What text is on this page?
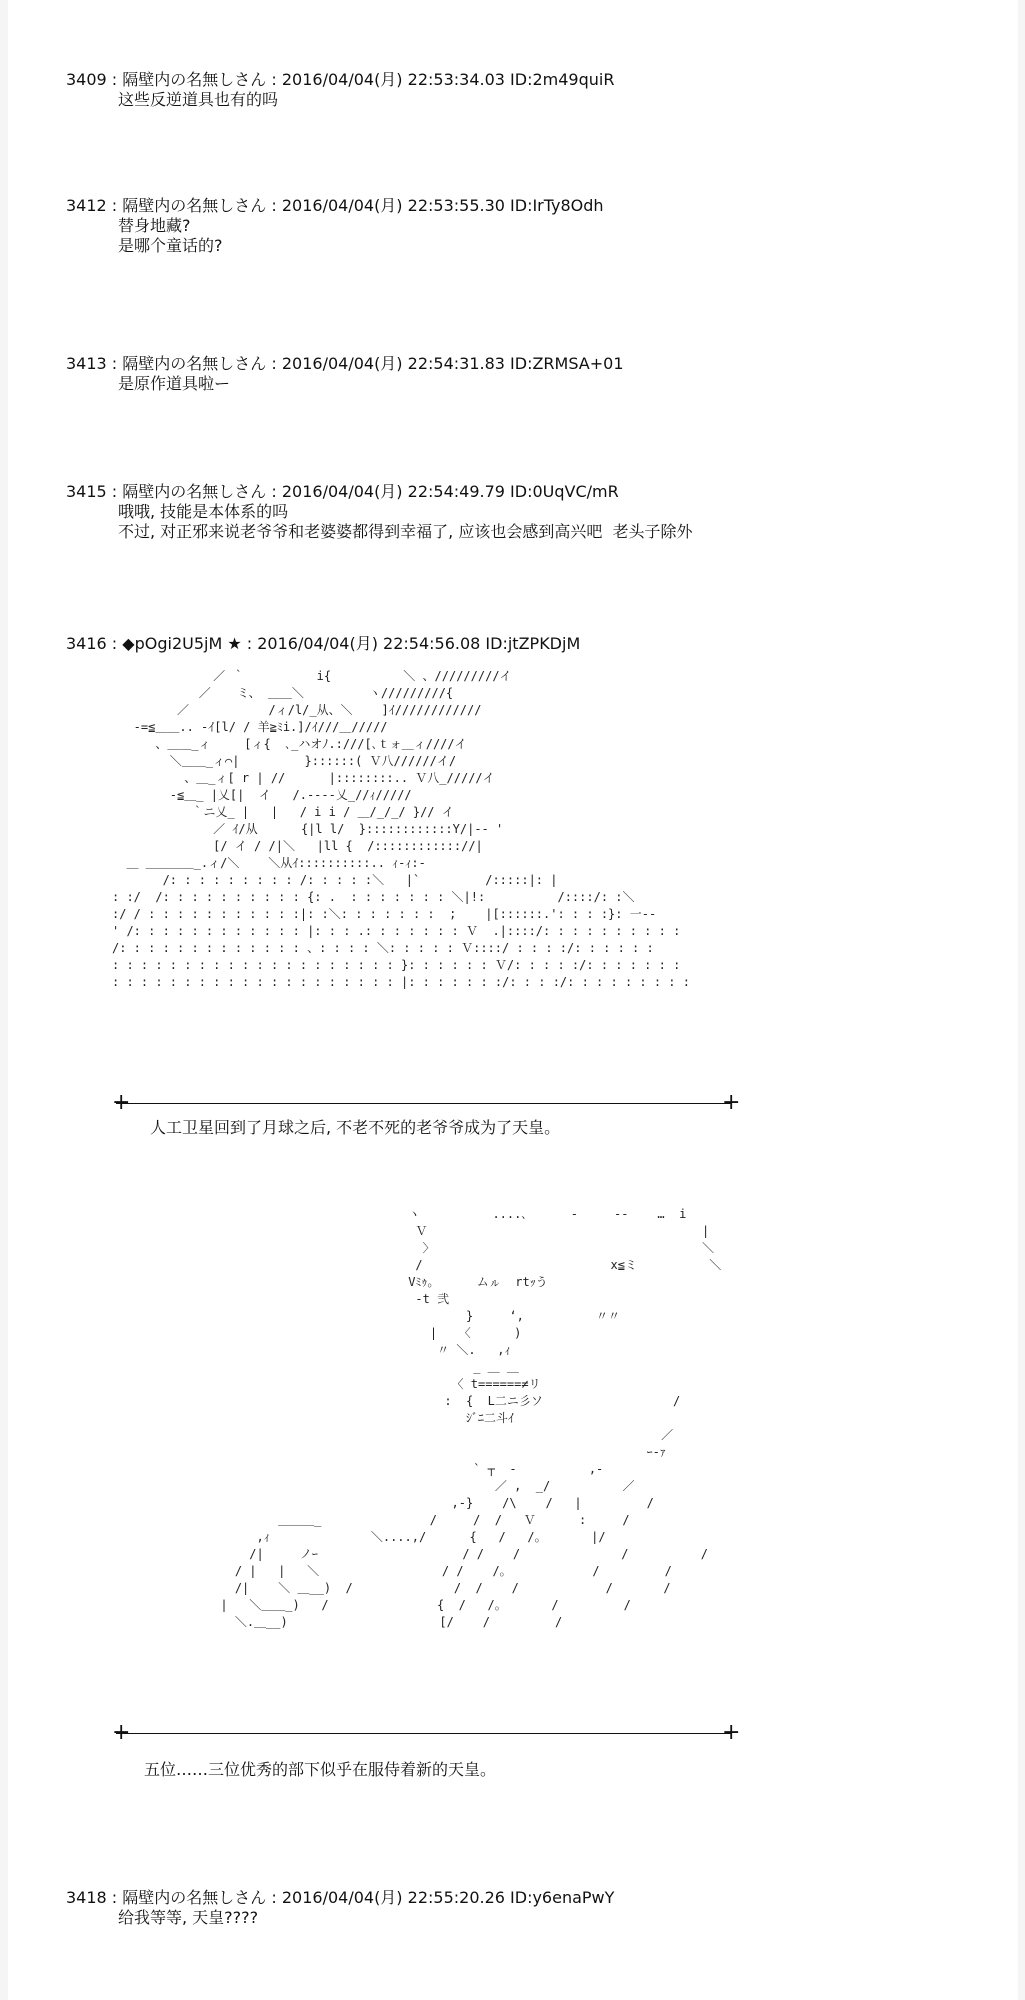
3409 : 隔壁内の名無しさん : 2016/04/04(月) 22:53:34.03 ID:2m49quiR
这些反逆道具也有的吗
3412 : 隔壁内の名無しさん : 2016/04/04(月) 22:53:55.30 ID:IrTy8Odh
替身地藏?
是哪个童话的?
3413 : 隔壁内の名無しさん : 2016/04/04(月) 22:54:31.83 ID:ZRMSA+01
是原作道具啦ー
3415 : 隔壁内の名無しさん : 2016/04/04(月) 22:54:49.79 ID:0UqVC/mR
哦哦, 技能是本体系的吗
不过, 对正邪来说老爷爷和老婆婆都得到幸福了, 应该也会感到高兴吧  老头子除外
3416 : ◆pOgi2U5jM ★ : 2016/04/04(月) 22:54:56.08 ID:jtZPKDjM
／ ｀          i{          ＼ 、/////////イ
／ 　 ミ、 ＿＿＼         ヽ/////////{
／           /ィ/l/_从、＼    ]ｲ////////////
‐=≦＿＿.. -ｲ[l/ / 羊≧ﾐi.]/ｲ///＿/////
、＿＿_ィ  　 [ィ{  ､_ハオﾉ.:///[､ｔォ＿ィ////イ
＼＿＿_ィ⌒|         }::::::( Ｖ八//////イ/
、＿_ィ[ r | //      |::::::::.. Ｖ八_/////イ
‐≦＿_ |乂[|  イ   /.----乂_//ｨ/////
｀ニ乂_ |   |   / i i / ＿/_/_/ }// イ
／ ｲ/从      {|l l/  }::::::::::::Y/|-- '
[/ イ / /|＼   |ll {  /:::::::::::://|
＿ ＿＿＿＿_.ィ/＼    ＼从ｲ::::::::::.. ｨ-ｨ:-
/: : : : : : : : : /: : : : :＼   |`         /:::::|: |
: :/  /: : : : : : : : : : {: .  : : : : : : : ＼|!:          /::::/: :＼
:/ / : : : : : : : : : : :|: :＼: : : : : : :  ;    |[::::::.': : : :}: 一--
' /: : : : : : : : : : : : |: : : .: : : : : : : Ｖ  .|::::/: : : : : : : : : :
/: : : : : : : : : : : : : 、: : : : ＼: : : : : Ｖ::::/ : : : :/: : : : : :
: : : : : : : : : : : : : : : : : : : : }: : : : : : Ｖ/: : : : :/: : : : : : :
: : : : : : : : : : : : : : : : : : : : |: : : : : : :/: : : :/: : : : : : : : :
+	+
人工卫星回到了月球之后, 不老不死的老爷爷成为了天皇。
ヽ          ....､      -     ‐-    …  i
Ｖ                                      |
〉                                     ＼
/                          x≦ミ          ＼
Vﾐｩ｡      ムㇽ  rtｯう
‐t 弐
}     ‘,          〃〃
|   〈      )
〃 ＼.   ,ｨ
_ ＿ ＿
〈 t======≠リ
:  {  L二ニ彡ソ                  /
ｼﾞﾆ二斗ｲ
／
ｰ‐ｧ
` ┬  -          ,-
／ ,  _/          ／
,-}    /\    /   |         /
＿＿＿_               /     /  /   Ｖ      :     /
,ｨ              ＼....,/      {   /   /｡       |/
/|     ノｰ                    / /    /              /          /
/ |   |   ＼                 / /    /｡            /         /
/|    ＼ ＿__)  /              /  /    /            /       /
|   ＼＿＿_)   /               {  /   /｡       /         /
＼.＿__)                     [/    /         /
+	+
五位……三位优秀的部下似乎在服侍着新的天皇。
3418 : 隔壁内の名無しさん : 2016/04/04(月) 22:55:20.26 ID:y6enaPwY
给我等等, 天皇????
